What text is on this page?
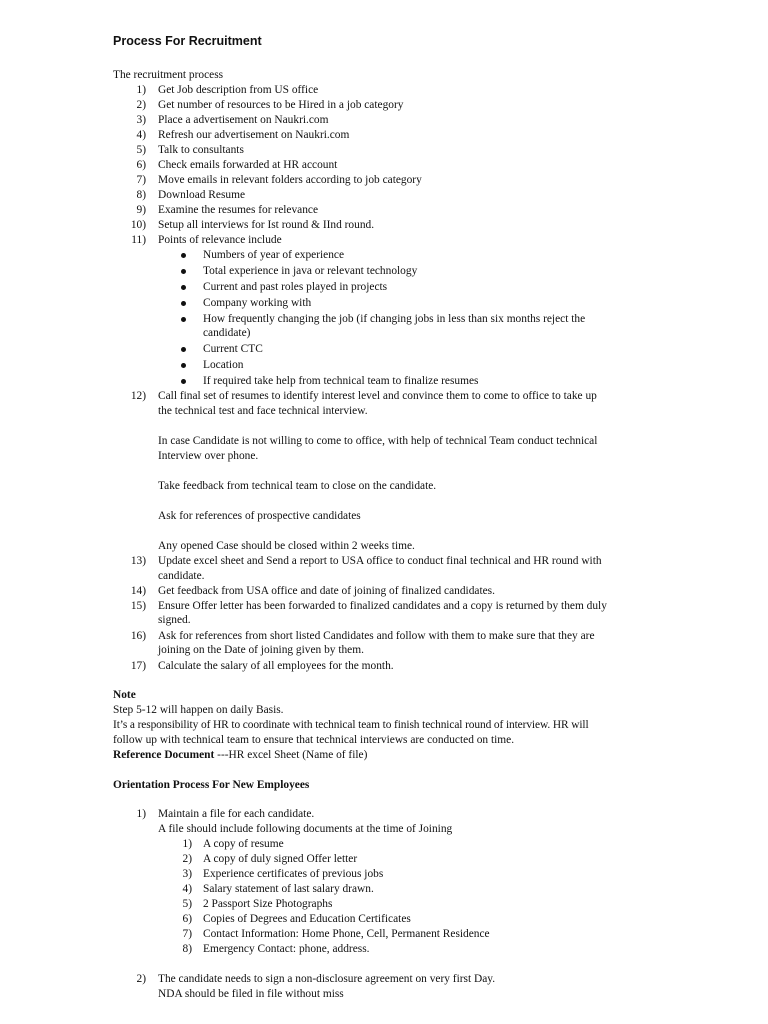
Process For Recruitment
The recruitment process
1) Get Job description from US office
2) Get number of resources to be Hired in a job category
3) Place a advertisement on Naukri.com
4) Refresh our advertisement on Naukri.com
5) Talk to consultants
6) Check emails forwarded at HR account
7) Move emails in relevant folders according to job category
8) Download Resume
9) Examine the resumes for relevance
10) Setup all interviews for Ist round & IInd round.
11) Points of relevance include
Numbers of year of experience
Total experience in java or relevant technology
Current and past roles played in projects
Company working with
How frequently changing the job (if changing jobs in less than six months reject the
candidate)
Current CTC
Location
If required take help from technical team to finalize resumes
12) Call final set of resumes to identify interest level and convince them to come to office to take up
the technical test and face technical interview.
In case Candidate is not willing to come to office, with help of technical Team conduct technical
Interview over phone.
Take feedback from technical team to close on the candidate.
Ask for references of prospective candidates
Any opened Case should be closed within 2 weeks time.
13) Update excel sheet and Send a report to USA office to conduct final technical and HR round with
candidate.
14) Get feedback from USA office and date of joining of finalized candidates.
15) Ensure Offer letter has been forwarded to finalized candidates and a copy is returned by them duly
signed.
16) Ask for references from short listed Candidates and follow with them to make sure that they are
joining on the Date of joining given by them.
17) Calculate the salary of all employees for the month.
Note
Step 5-12 will happen on daily Basis.
It’s a responsibility of HR to coordinate with technical team to finish technical round of interview. HR will
follow up with technical team to ensure that technical interviews are conducted on time.
Reference Document ---HR excel Sheet (Name of file)
Orientation Process For New Employees
1) Maintain a file for each candidate.
A file should include following documents at the time of Joining
1) A copy of resume
2) A copy of duly signed Offer letter
3) Experience certificates of previous jobs
4) Salary statement of last salary drawn.
5) 2 Passport Size Photographs
6) Copies of Degrees and Education Certificates
7) Contact Information: Home Phone, Cell, Permanent Residence
8) Emergency Contact: phone, address.
2) The candidate needs to sign a non-disclosure agreement on very first Day.
NDA should be filed in file without miss
